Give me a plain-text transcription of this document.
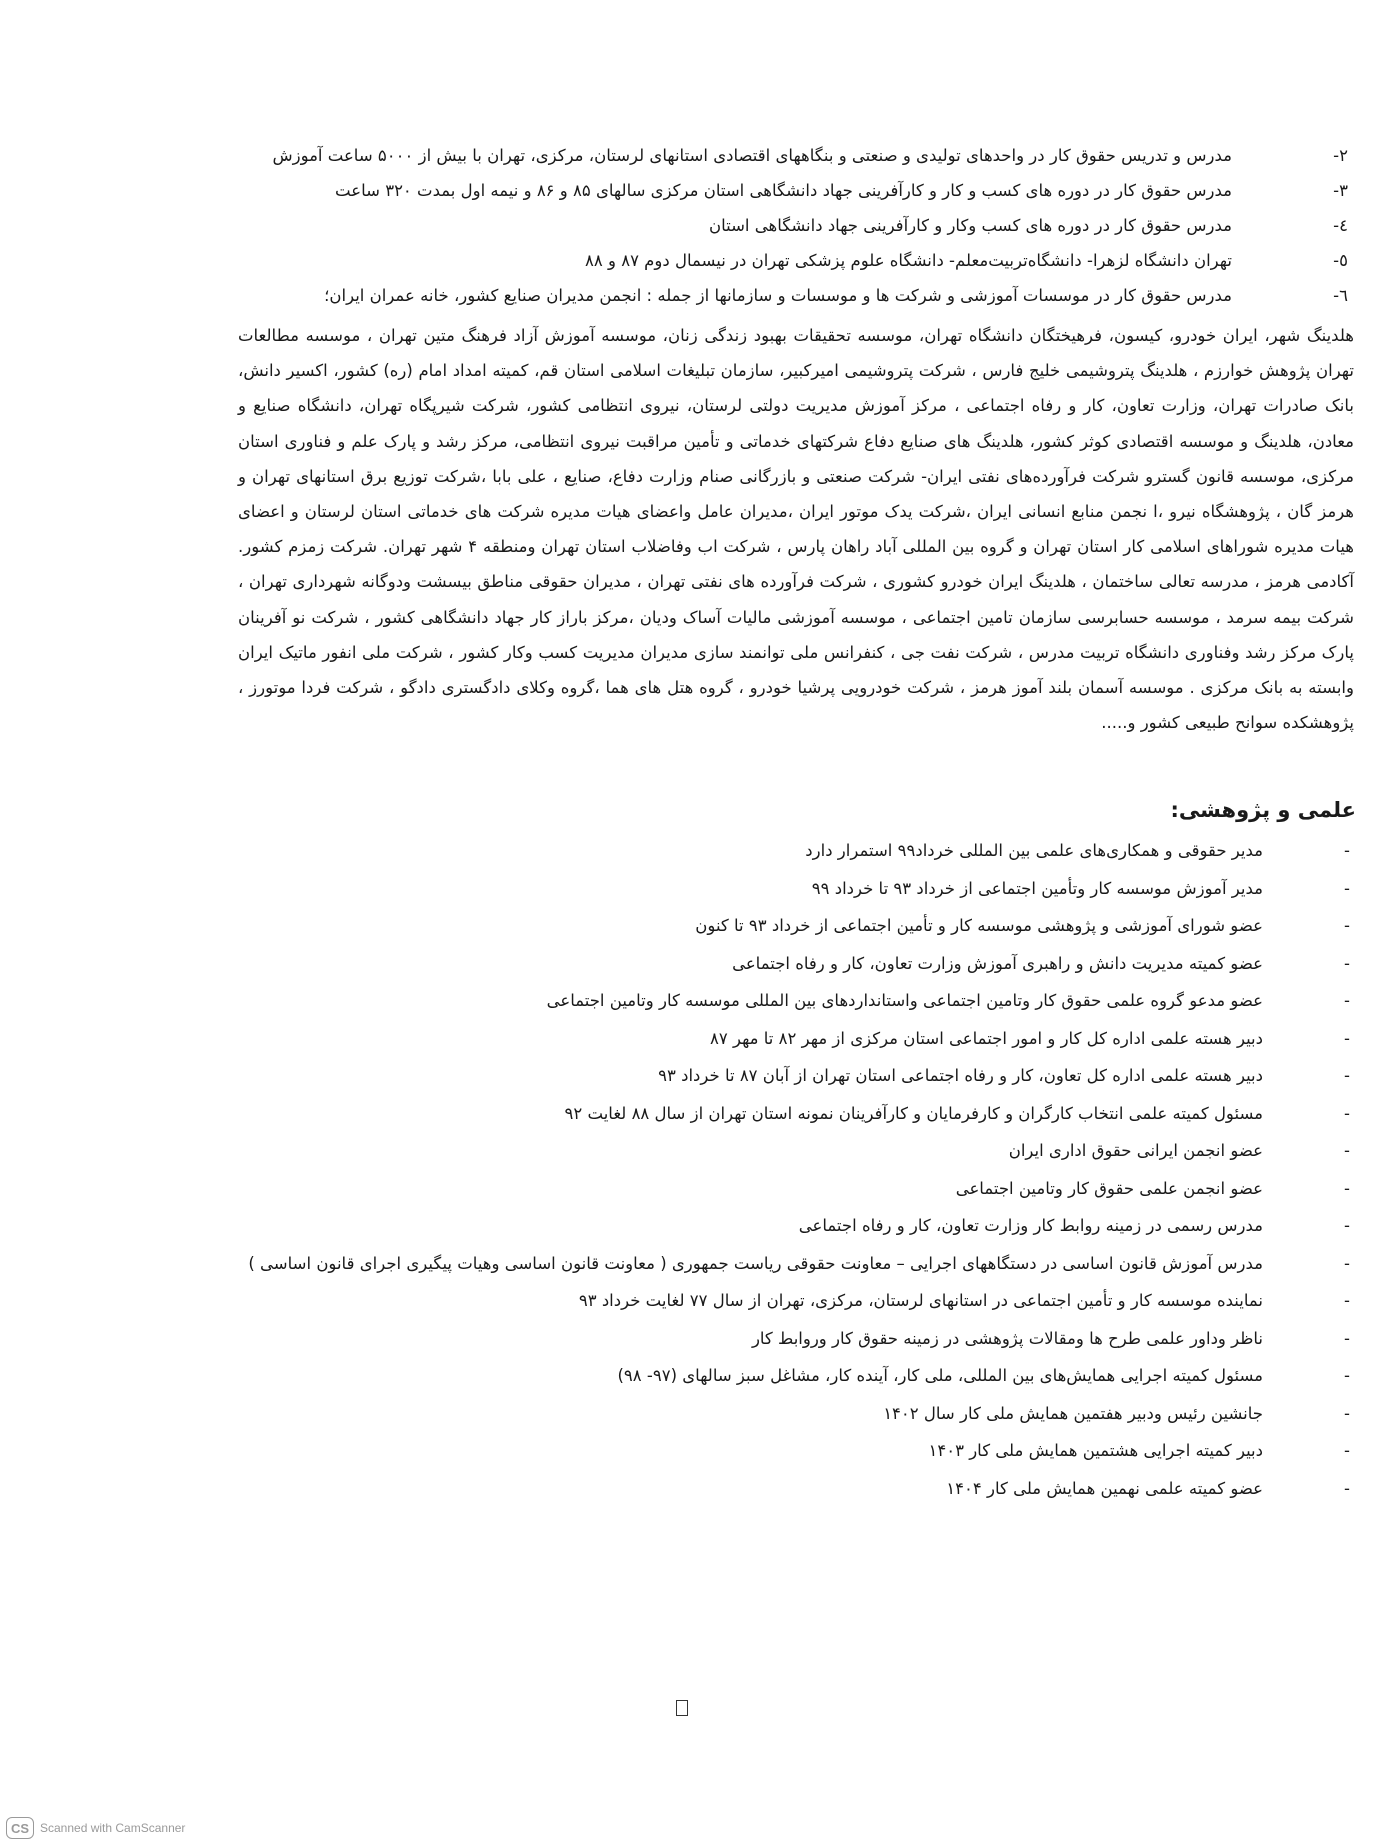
۲-
مدرس و تدریس حقوق کار در واحدهای تولیدی و صنعتی و بنگاههای اقتصادی استانهای لرستان، مرکزی، تهران با بیش از ۵۰۰۰ ساعت آموزش
۳-
مدرس حقوق کار در دوره های کسب و کار و کارآفرینی جهاد دانشگاهی استان مرکزی سالهای ۸۵ و ۸۶ و نیمه اول بمدت ۳۲۰ ساعت
٤-
مدرس حقوق کار در دوره های کسب وکار و کارآفرینی جهاد دانشگاهی استان
٥-
تهران دانشگاه لزهرا- دانشگاه‌تربیت‌معلم- دانشگاه علوم پزشکی تهران در نیسمال دوم ۸۷ و ۸۸
٦-
مدرس حقوق کار در موسسات آموزشی و شرکت ها و موسسات و سازمانها از جمله : انجمن مدیران صنایع کشور، خانه عمران ایران؛
هلدینگ شهر، ایران خودرو، کیسون، فرهیختگان دانشگاه تهران، موسسه تحقیقات بهبود زندگی زنان، موسسه آموزش آزاد فرهنگ متین تهران ، موسسه مطالعات تهران پژوهش خوارزم ، هلدینگ پتروشیمی خلیج فارس ، شرکت پتروشیمی امیرکبیر، سازمان تبلیغات اسلامی استان قم، کمیته امداد امام (ره) کشور، اکسیر دانش، بانک صادرات تهران، وزارت تعاون، کار و رفاه اجتماعی ، مرکز آموزش مدیریت دولتی لرستان، نیروی انتظامی کشور، شرکت شیرپگاه تهران، دانشگاه صنایع و معادن، هلدینگ و موسسه اقتصادی کوثر کشور، هلدینگ های صنایع دفاع شرکتهای خدماتی و تأمین مراقبت نیروی انتظامی، مرکز رشد و پارک علم و فناوری استان مرکزی، موسسه قانون گسترو شرکت فرآورده‌های نفتی ایران- شرکت صنعتی و بازرگانی صنام وزارت دفاع، صنایع ، علی بابا ،شرکت توزیع برق استانهای تهران و هرمز گان ، پژوهشگاه نیرو ،ا نجمن منابع انسانی ایران ،شرکت یدک موتور ایران ،مدیران عامل واعضای هیات مدیره شرکت های خدماتی استان لرستان و اعضای هیات مدیره شوراهای اسلامی کار استان تهران و گروه بین المللی آباد راهان پارس ، شرکت اب وفاضلاب استان تهران ومنطقه ۴ شهر تهران. شرکت زمزم کشور. آکادمی هرمز ، مدرسه تعالی ساختمان ، هلدینگ ایران خودرو کشوری ، شرکت فرآورده های نفتی تهران ، مدیران حقوقی مناطق بیسشت ودوگانه شهرداری تهران ، شرکت بیمه سرمد ، موسسه حسابرسی سازمان تامین اجتماعی ، موسسه آموزشی مالیات آساک ودیان ،مرکز باراز کار جهاد دانشگاهی کشور ، شرکت نو آفرینان پارک مرکز رشد وفناوری دانشگاه تربیت مدرس ، شرکت نفت جی ، کنفرانس ملی توانمند سازی مدیران مدیریت کسب وکار کشور ، شرکت ملی انفور ماتیک ایران وابسته به بانک مرکزی . موسسه آسمان بلند آموز هرمز ، شرکت خودرویی پرشیا خودرو ، گروه هتل های هما ،گروه وکلای دادگستری دادگو ، شرکت فردا موتورز ، پژوهشکده سوانح طبیعی کشور و.....
علمی و پژوهشی:
-
مدیر حقوقی و همکاری‌های علمی بین المللی خرداد۹۹ استمرار دارد
-
مدیر آموزش موسسه کار وتأمین اجتماعی از خرداد ۹۳ تا خرداد ۹۹
-
عضو شورای آموزشی و پژوهشی موسسه کار و تأمین اجتماعی از خرداد ۹۳ تا کنون
-
عضو کمیته مدیریت دانش و راهبری آموزش وزارت تعاون، کار و رفاه اجتماعی
-
عضو مدعو گروه علمی حقوق کار وتامین اجتماعی واستانداردهای بین المللی موسسه کار وتامین اجتماعی
-
دبیر هسته علمی اداره کل کار و امور اجتماعی استان مرکزی از مهر ۸۲ تا مهر ۸۷
-
دبیر هسته علمی اداره کل تعاون، کار و رفاه اجتماعی استان تهران از آبان ۸۷ تا خرداد ۹۳
-
مسئول کمیته علمی انتخاب کارگران و کارفرمایان و کارآفرینان نمونه استان تهران از سال ۸۸ لغایت ۹۲
-
عضو انجمن ایرانی حقوق اداری ایران
-
عضو انجمن علمی حقوق کار وتامین اجتماعی
-
مدرس رسمی در زمینه روابط کار وزارت تعاون، کار و رفاه اجتماعی
-
مدرس آموزش قانون اساسی در دستگاههای اجرایی – معاونت حقوقی ریاست جمهوری ( معاونت قانون اساسی وهیات پیگیری اجرای قانون اساسی )
-
نماینده موسسه کار و تأمین اجتماعی در استانهای لرستان، مرکزی، تهران از سال ۷۷ لغایت خرداد ۹۳
-
ناظر وداور علمی طرح ها ومقالات پژوهشی در زمینه حقوق کار وروابط کار
-
مسئول کمیته اجرایی همایش‌های بین المللی، ملی کار، آینده کار، مشاغل سبز سالهای (۹۷- ۹۸)
-
جانشین رئیس ودبیر هفتمین همایش ملی کار سال ۱۴۰۲
-
دبیر کمیته اجرایی هشتمین همایش ملی کار ۱۴۰۳
-
عضو کمیته علمی نهمین همایش ملی کار ۱۴۰۴
CS Scanned with CamScanner
